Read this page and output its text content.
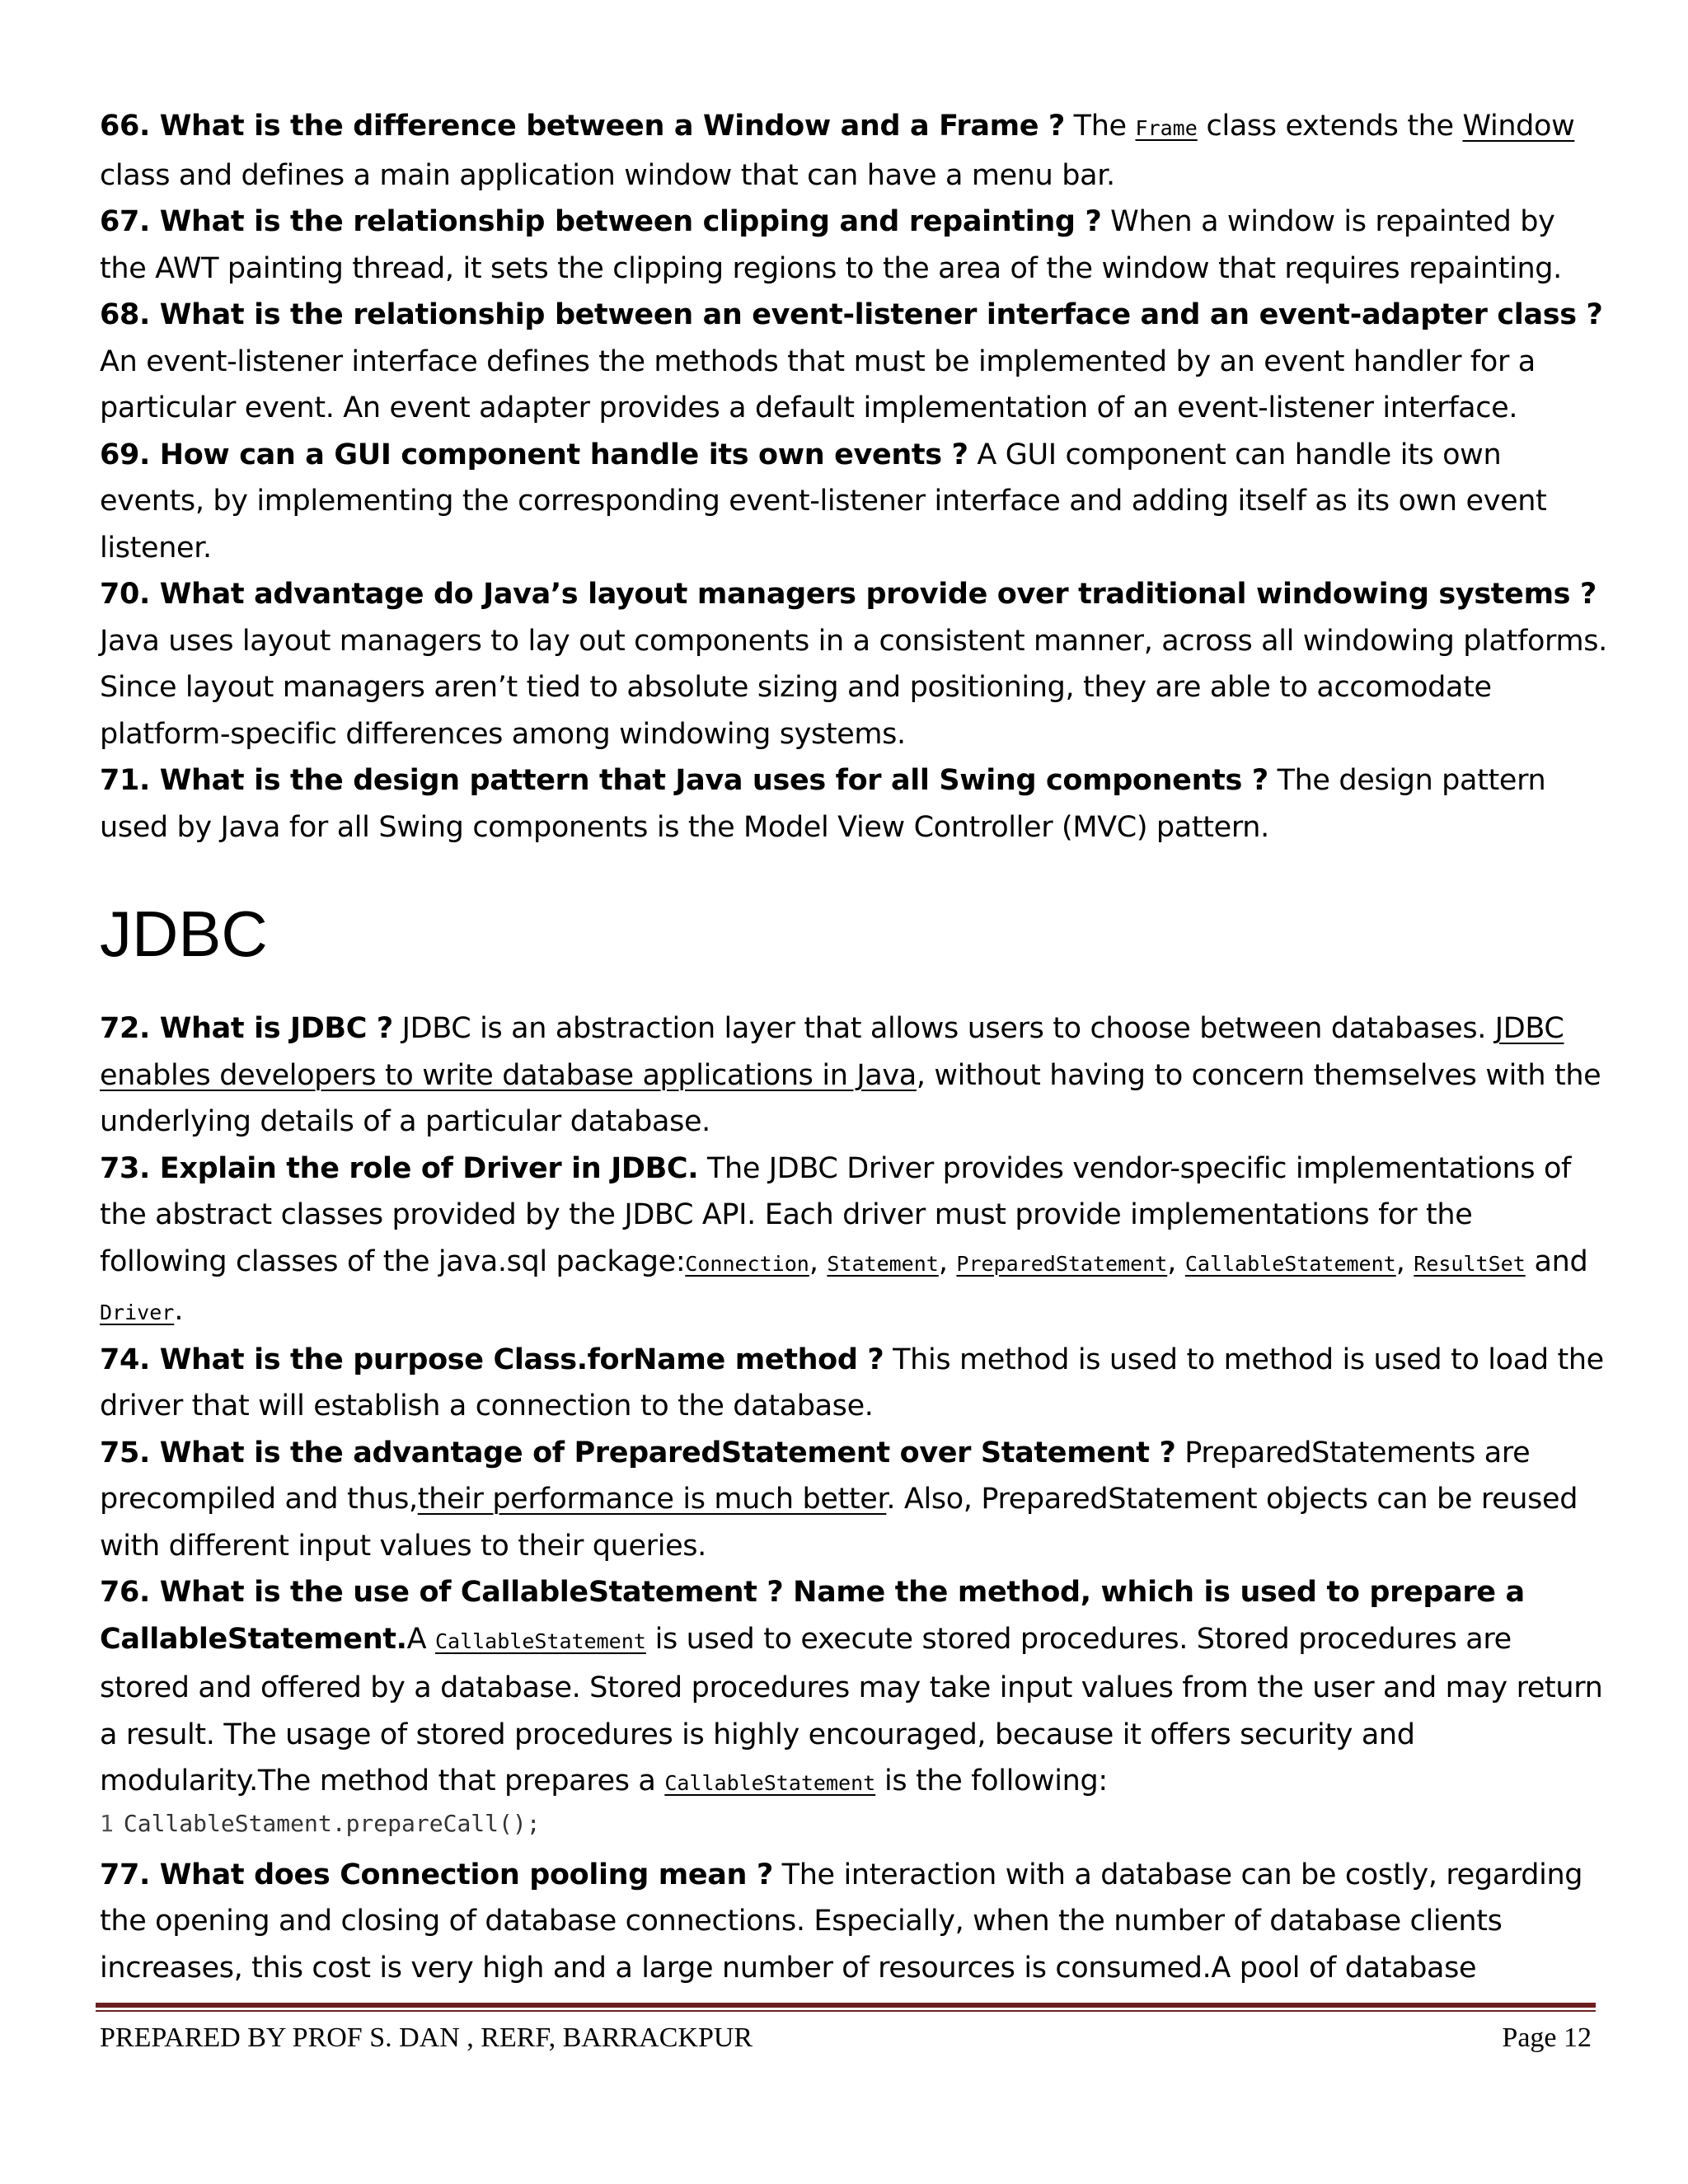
66. What is the difference between a Window and a Frame ? The Frame class extends the Window class and defines a main application window that can have a menu bar.

67. What is the relationship between clipping and repainting ? When a window is repainted by the AWT painting thread, it sets the clipping regions to the area of the window that requires repainting.

68. What is the relationship between an event-listener interface and an event-adapter class ? An event-listener interface defines the methods that must be implemented by an event handler for a particular event. An event adapter provides a default implementation of an event-listener interface.

69. How can a GUI component handle its own events ? A GUI component can handle its own events, by implementing the corresponding event-listener interface and adding itself as its own event listener.

70. What advantage do Java’s layout managers provide over traditional windowing systems ? Java uses layout managers to lay out components in a consistent manner, across all windowing platforms. Since layout managers aren’t tied to absolute sizing and positioning, they are able to accomodate platform-specific differences among windowing systems.

71. What is the design pattern that Java uses for all Swing components ? The design pattern used by Java for all Swing components is the Model View Controller (MVC) pattern.

JDBC

72. What is JDBC ? JDBC is an abstraction layer that allows users to choose between databases. JDBC enables developers to write database applications in Java, without having to concern themselves with the underlying details of a particular database.

73. Explain the role of Driver in JDBC. The JDBC Driver provides vendor-specific implementations of the abstract classes provided by the JDBC API. Each driver must provide implementations for the following classes of the java.sql package:Connection, Statement, PreparedStatement, CallableStatement, ResultSet and Driver.

74. What is the purpose Class.forName method ? This method is used to method is used to load the driver that will establish a connection to the database.

75. What is the advantage of PreparedStatement over Statement ? PreparedStatements are precompiled and thus,their performance is much better. Also, PreparedStatement objects can be reused with different input values to their queries.

76. What is the use of CallableStatement ? Name the method, which is used to prepare a CallableStatement.A CallableStatement is used to execute stored procedures. Stored procedures are stored and offered by a database. Stored procedures may take input values from the user and may return a result. The usage of stored procedures is highly encouraged, because it offers security and modularity.The method that prepares a CallableStatement is the following:

1 CallableStament.prepareCall();

77. What does Connection pooling mean ? The interaction with a database can be costly, regarding the opening and closing of database connections. Especially, when the number of database clients increases, this cost is very high and a large number of resources is consumed.A pool of database

PREPARED BY PROF S. DAN , RERF, BARRACKPUR	Page 12
